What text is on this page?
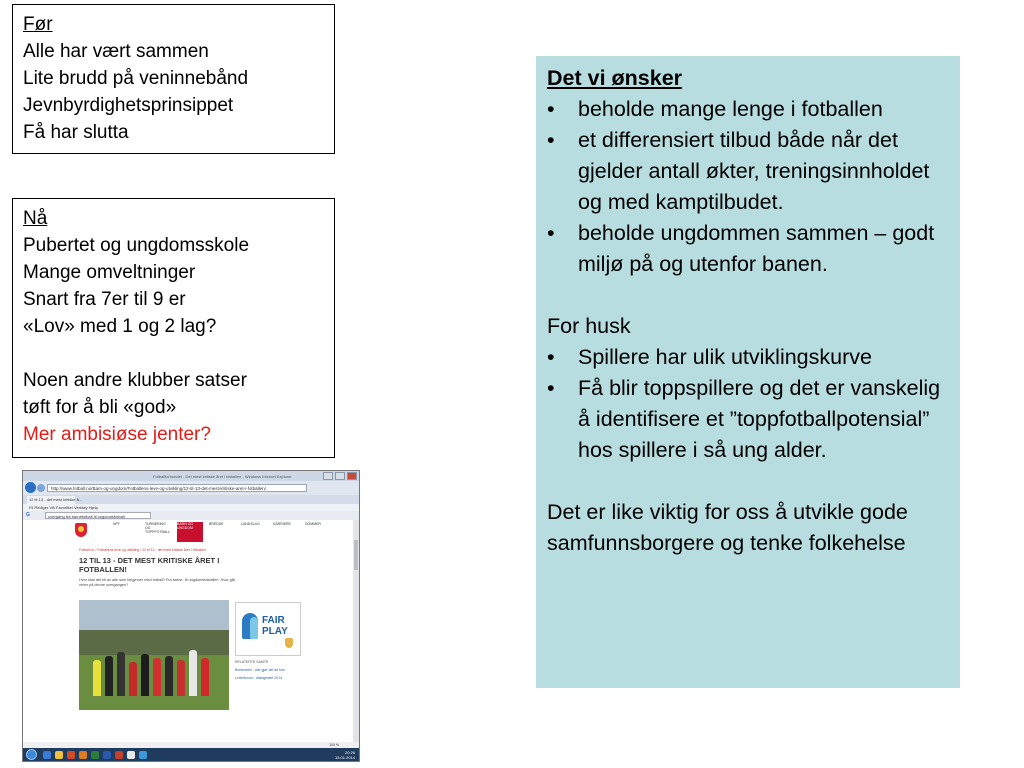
Før
Alle har vært sammen
Lite brudd på veninnebånd
Jevnbyrdighetsprinsippet
Få har slutta
Nå
Pubertet og ungdomsskole
Mange omveltninger
Snart fra 7er til 9 er
«Lov» med 1 og 2 lag?
Noen andre klubber satser
tøft for å bli «god»
Mer ambisiøse jenter?
Det vi ønsker
• beholde mange lenge i fotballen
• et differensiert tilbud både når det gjelder antall økter, treningsinnholdet og med kamptilbudet.
• beholde ungdommen sammen – godt miljø på og utenfor banen.
For husk
• Spillere har ulik utviklingskurve
• Få blir toppspillere og det er vanskelig å identifisere et ”toppfotballpotensial” hos spillere i så ung alder.
Det er like viktig for oss å utvikle gode samfunnsborgere og tenke folkehelse
Fotballforbundet - Det mest kritiske året i fotballen - Windows Internet Explorer
http://www.fotball.no/Barn-og-ungdom/Fotballens-leve-og-utvikling/12-til-13-det-mest-kritiske-aret-i-fotballen/
12 til 13 - det mest kritiske å...
Fil Rediger Vis Favoritter Verktøy Hjelp
G	overgang fra barnefotball til ungdomsfotball
NFF	TURNERING OG TOPPFOTBALL
BARN OG UNGDOM
BREDDE	LANDSLAG	KARRIERE	DOMMER
Fotball.no / Fotballens leve og utvikling / 12 til 13 - det mest kritiske året i fotballen
12 TIL 13 - DET MEST KRITISKE ÅRET I FOTBALLEN!
Hvor skal det bli av alle som begynner med fotball? Fra barne- til ungdomsfotballen. Hvor går veien på denne overgangen?
FAIR
PLAY

RELATERTE SAKER

Bortsvaren - alle gjør det de kan

Lederforum - dialogmøte 2014

100 %
20:26
15.01.2014
